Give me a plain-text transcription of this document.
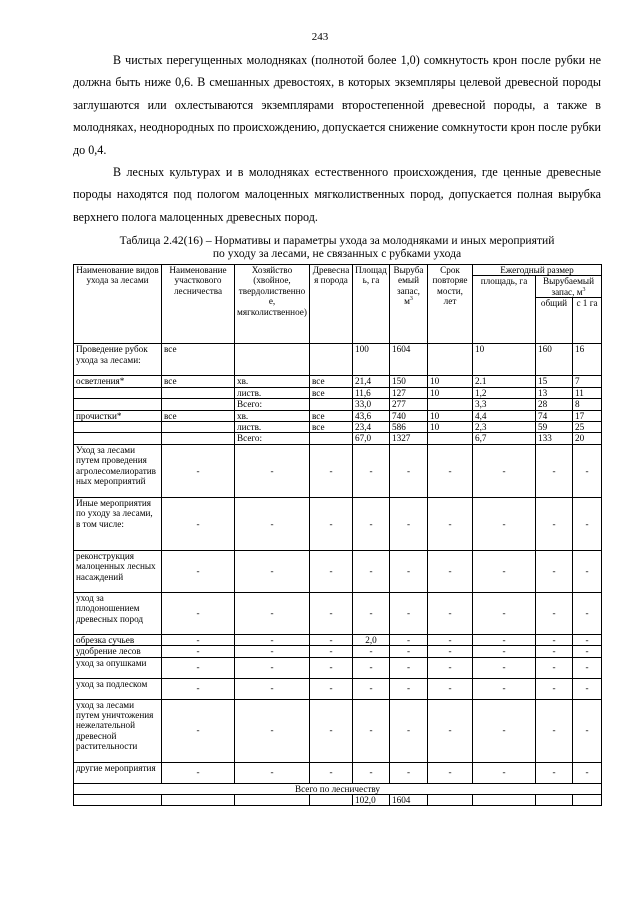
243

В чистых перегущенных молодняках (полнотой более 1,0) сомкнутость крон после рубки не должна быть ниже 0,6. В смешанных древостоях, в которых экземпляры целевой древесной породы заглушаются или охлестываются экземплярами второстепенной древесной породы, а также в молодняках, неоднородных по происхождению, допускается снижение сомкнутости крон после рубки до 0,4.

В лесных культурах и в молодняках естественного происхождения, где ценные древесные породы находятся под пологом малоценных мягколиственных пород, допускается полная вырубка верхнего полога малоценных древесных пород.

Таблица 2.42(16) – Нормативы и параметры ухода за молодняками и иных мероприятий
по уходу за лесами, не связанных с рубками ухода
Наименование видов ухода за лесами	Наименование участкового лесничества	Хозяйство (хвойное, твердолиственное, мягколиственное)	Древесная порода	Площадь, га	Вырубаемый запас, $м^3$	Срок повторяемости, лет	Ежегодный размер		
							площадь, га	Вырубаемый запас, $м^3$
								общий	с 1 га
Проведение рубок ухода за лесами:	все			100	1604		10	160	16
осветления*	все	хв.	все	21,4	150	10	2.1	15	7
		листв.	все	11,6	127	10	1,2	13	11
		Всего:		33,0	277		3,3	28	8
прочистки*	все	хв.	все	43,6	740	10	4,4	74	17
		листв.	все	23,4	586	10	2,3	59	25
		Всего:		67,0	1327		6,7	133	20
Уход за лесами путем проведения агролесомелиоративных мероприятий	-	-	-	-	-	-	-	-	-
Иные мероприятия по уходу за лесами, в том числе:	-	-	-	-	-	-	-	-	-
реконструкция малоценных лесных насаждений	-	-	-	-	-	-	-	-	-
уход за плодоношением древесных пород	-	-	-	-	-	-	-	-	-
обрезка сучьев	-	-	-	2,0	-	-	-	-	-
удобрение лесов	-	-	-	-	-	-	-	-	-
уход за опушками	-	-	-	-	-	-	-	-	-
уход за подлеском	-	-	-	-	-	-	-	-	-
уход за лесами путем уничтожения нежелательной древесной растительности	-	-	-	-	-	-	-	-	-
другие мероприятия	-	-	-	-	-	-	-	-	-
Всего по лесничеству									
				102,0	1604				
